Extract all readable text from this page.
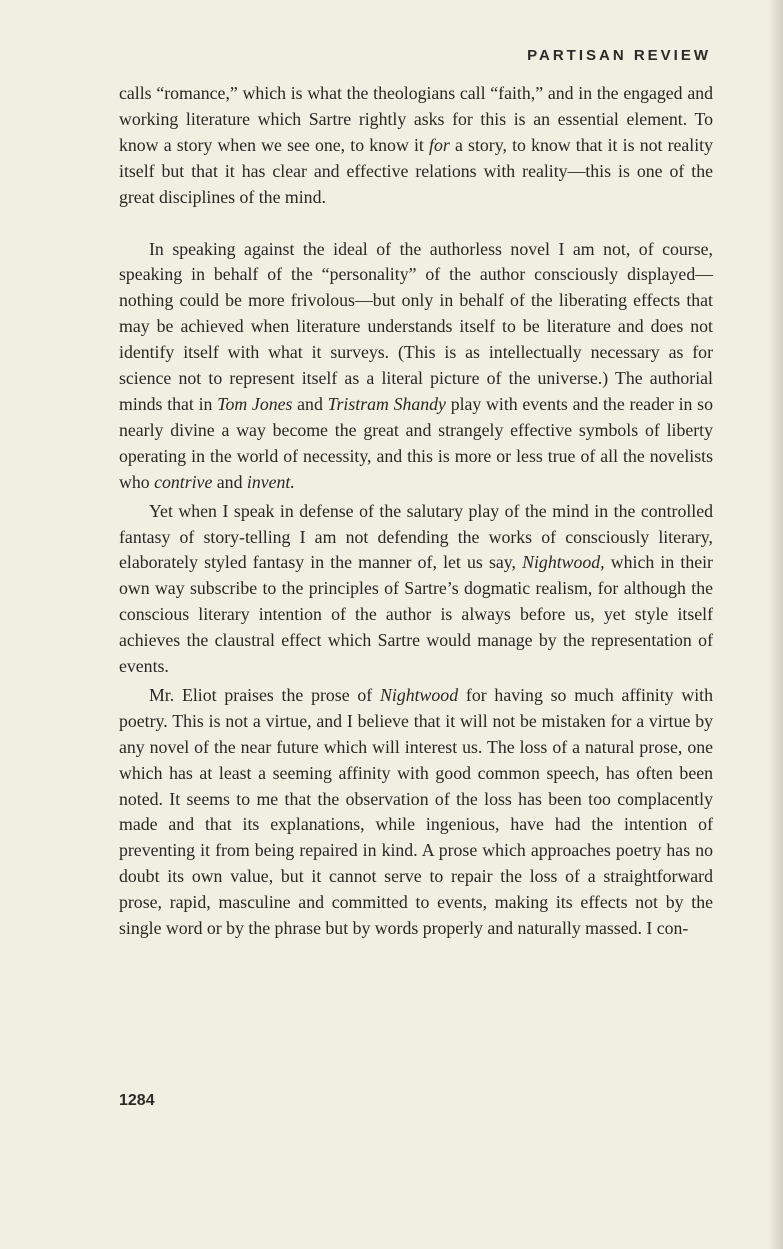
PARTISAN REVIEW

calls “romance,” which is what the theologians call “faith,” and in the engaged and working literature which Sartre rightly asks for this is an essential element. To know a story when we see one, to know it for a story, to know that it is not reality itself but that it has clear and effective relations with reality—this is one of the great disciplines of the mind.

In speaking against the ideal of the authorless novel I am not, of course, speaking in behalf of the “personality” of the author consciously displayed—nothing could be more frivolous—but only in behalf of the liberating effects that may be achieved when literature understands itself to be literature and does not identify itself with what it surveys. (This is as intellectually necessary as for science not to represent itself as a literal picture of the universe.) The authorial minds that in Tom Jones and Tristram Shandy play with events and the reader in so nearly divine a way become the great and strangely effective symbols of liberty operating in the world of necessity, and this is more or less true of all the novelists who contrive and invent.

Yet when I speak in defense of the salutary play of the mind in the controlled fantasy of story-telling I am not defending the works of consciously literary, elaborately styled fantasy in the manner of, let us say, Nightwood, which in their own way subscribe to the principles of Sartre’s dogmatic realism, for although the conscious literary intention of the author is always before us, yet style itself achieves the claustral effect which Sartre would manage by the representation of events.

Mr. Eliot praises the prose of Nightwood for having so much affinity with poetry. This is not a virtue, and I believe that it will not be mistaken for a virtue by any novel of the near future which will interest us. The loss of a natural prose, one which has at least a seeming affinity with good common speech, has often been noted. It seems to me that the observation of the loss has been too complacently made and that its explanations, while ingenious, have had the intention of preventing it from being repaired in kind. A prose which approaches poetry has no doubt its own value, but it cannot serve to repair the loss of a straightforward prose, rapid, masculine and committed to events, making its effects not by the single word or by the phrase but by words properly and naturally massed. I con-

1284
